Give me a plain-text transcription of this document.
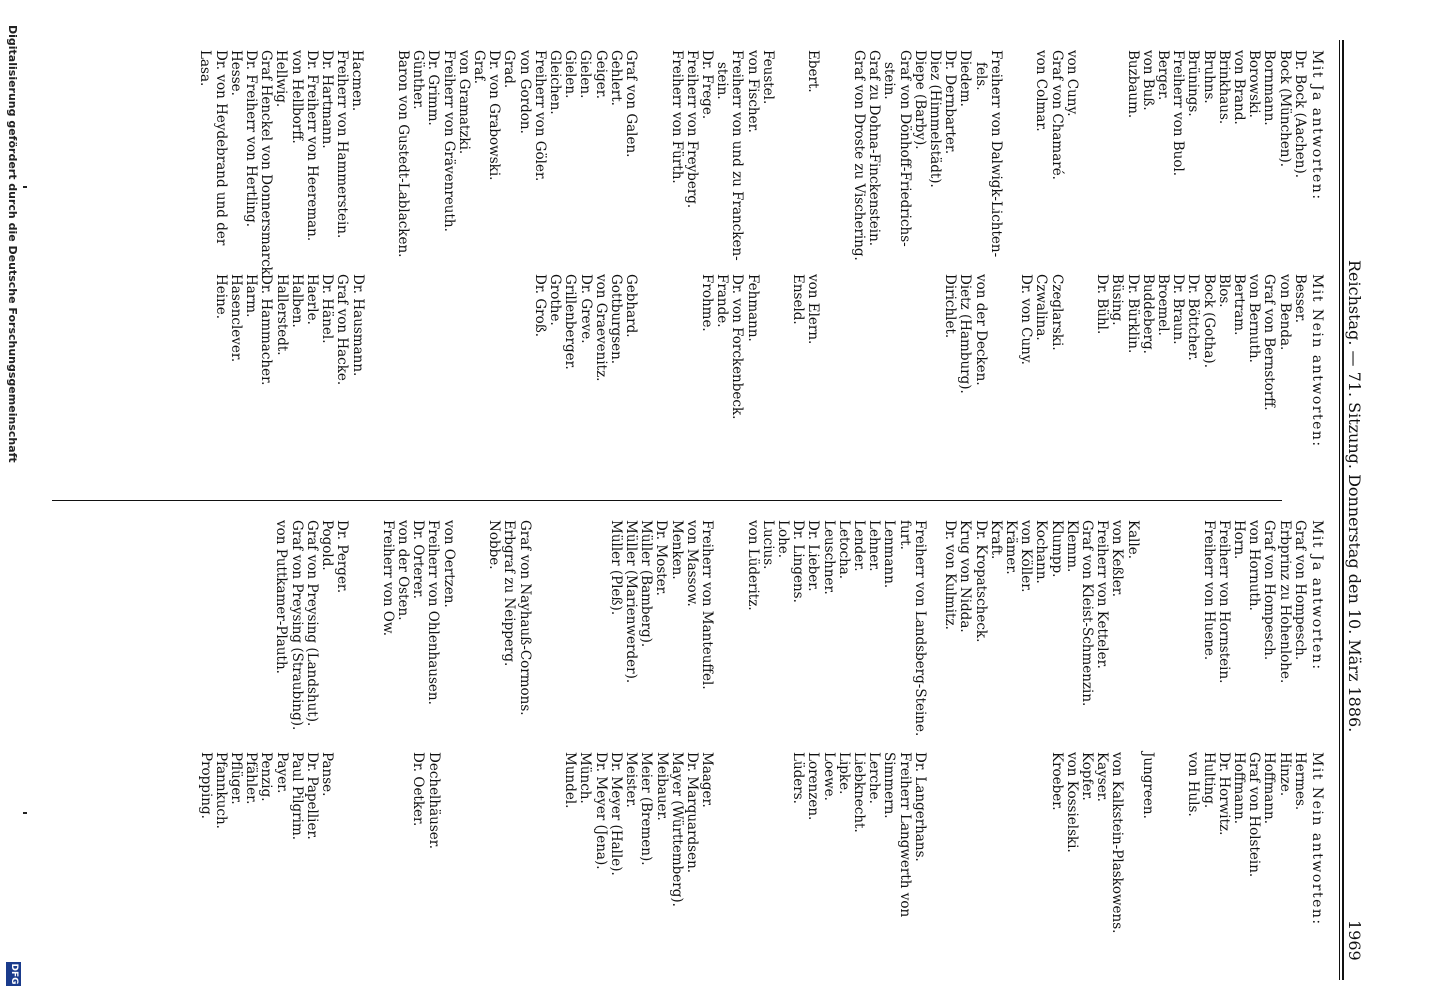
Reichstag. — 71. Sitzung. Donnerstag den 10. März 1886.
1969
Mit Ja antworten:
Dr. Bock (Aachen).
Bock (München).
Bornmann.
Borowski.
von Brand.
Brinkhaus.
Bruhns.
Brünings.
Freiherr von Buol.
Berger.
von Buß.
Buzbaum.
von Cuny.
Graf von Chamaré.
von Colmar.
Freiherr von Dalwigk-Lichten-
fels.
Diedem.
Dr. Dernbarter.
Diez (Himmelstädt).
Diepe (Barby).
Graf von Dönhoff-Friedrichs-
stein.
Graf zu Dohna-Finckenstein.
Graf von Droste zu Vischering.
Ebert.
Feustel.
von Fischer.
Freiherr von und zu Francken-
stein.
Dr. Frege.
Freiherr von Freyberg.
Freiherr von Fürth.
Graf von Galen.
Gehlert.
Geiger.
Gielen.
Gielen.
Gleichen.
Freiherr von Göler.
von Gordon.
Grad.
Dr. von Grabowski.
Graf.
von Gramatzki.
Freiherr von Grävenreuth.
Dr. Grimm.
Günther.
Baron von Gustedt-Lablacken.
Hacmen.
Freiherr von Hammerstein.
Dr. Hartmann.
Dr. Freiherr von Heereman.
von Hellborff.
Hellwig.
Graf Henckel von Donnersmarck.
Dr. Freiherr von Hertling.
Hesse.
Dr. von Heydebrand und der
Lasa.
Mit Nein antworten:
Besser.
von Benda.
Graf von Bernstorff.
von Bernuth.
Bertram.
Blos.
Bock (Gotha).
Dr. Böttcher.
Dr. Braun.
Broemel.
Buddeberg.
Dr. Bürklin.
Büsing.
Dr. Bühl.
Czeglarski.
Czwalina.
Dr. von Cuny.
von der Decken.
Dietz (Hamburg).
Dirichlet.
von Elern.
Enseld.
Fehmann.
Dr. von Forckenbeck.
Frande.
Frohme.
Gebhard.
Gottburgsen.
von Graevenitz.
Dr. Greve.
Grillenberger.
Grothe.
Dr. Groß.
Dr. Hausmann.
Graf von Hacke.
Dr. Hänel.
Haerle.
Halben.
Hallerstedt.
Dr. Hammacher.
Harm.
Hasenclever.
Heine.
Mit Ja antworten:
Graf von Hompesch.
Erbprinz zu Hohenlohe.
Graf von Hompesch.
von Hornuth.
Horn.
Freiherr von Hornstein.
Freiherr von Huene.
Kalle.
von Keßler.
Freiherr von Ketteler.
Graf von Kleist-Schmenzin.
Klemm.
Klumpp.
Kochann.
von Köller.
Krämer.
Kraft.
Dr. Kropatscheck.
Krug von Nidda.
Dr. von Kulmitz.
Freiherr von Landsberg-Steine.
furt.
Lenmann.
Lehner.
Lender.
Letocha.
Leuschner.
Dr. Lieber.
Dr. Lingens.
Lohe.
Lucius.
von Lüderitz.
Freiherr von Manteuffel.
von Massow.
Menken.
Dr. Moster.
Müller (Bamberg).
Müller (Marienwerder).
Müller (Pleß).
Graf von Nayhauß-Cormons.
Erbgraf zu Neipperg.
Nobbe.
von Oertzen.
Freiherr von Ohlenhausen.
Dr. Orterer.
von der Osten.
Freiherr von Ow.
Dr. Perger.
Pogold.
Graf von Preysing (Landshut).
Graf von Preysing (Straubing).
von Puttkamer-Plauth.
Mit Nein antworten:
Hermes.
Hinze.
Hoffmann.
Graf von Holstein.
Hoffmann.
Dr. Horwitz.
Hulting.
von Huls.
Jungreen.
von Kalkstein-Plaskowens.
Kayser.
Kopfer.
von Kossielski.
Kroeber.
Dr. Langerhans.
Freiherr Langwerth von
Simmern.
Lerche.
Liebknecht.
Lipke.
Loewe.
Lorenzen.
Lüders.
Maager.
Dr. Marquardsen.
Mayer (Württemberg).
Meibauer.
Meier (Bremen).
Meister.
Dr. Meyer (Halle).
Dr. Meyer (Jena).
Münch.
Mundel.
Dechelhäuser.
Dr. Oetker.
Panse.
Dr. Papellier.
Paul Pilgrim.
Payer.
Penzig.
Pfähler.
Pflüger.
Pfannkuch.
Propping.
Digitalisierung gefördert durch die Deutsche Forschungsgemeinschaft
DFG
